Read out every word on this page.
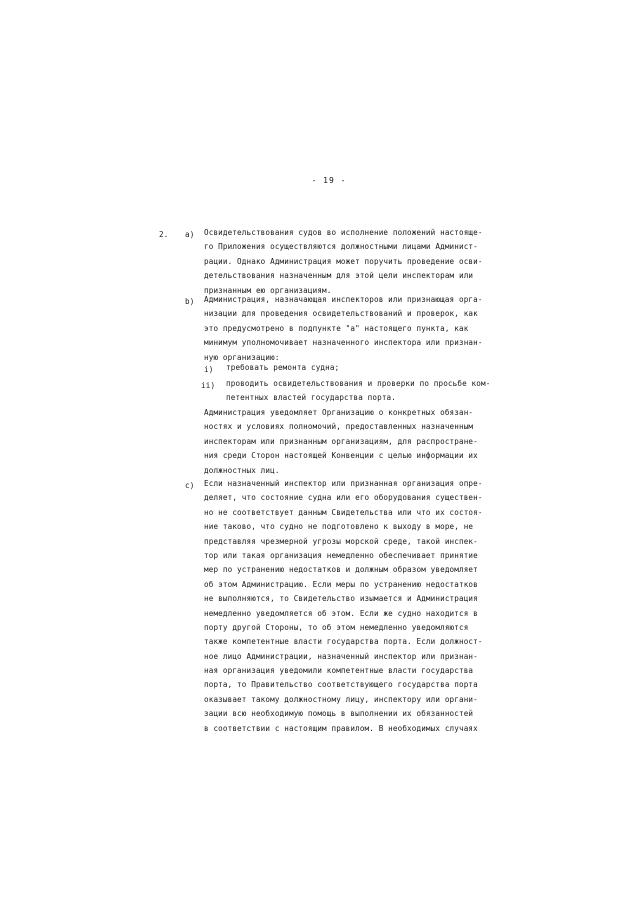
- 19 -
2. a) Освидетельствования судов во исполнение положений настояще-
го Приложения осуществляются должностными лицами Админист-
рации. Однако Администрация может поручить проведение осви-
детельствования назначенным для этой цели инспекторам или
признанным ею организациям.
b) Администрация, назначающая инспекторов или признающая орга-
низации для проведения освидетельствований и проверок, как
это предусмотрено в подпункте "а" настоящего пункта, как
минимум уполномочивает назначенного инспектора или признан-
ную организацию:
i) требовать ремонта судна;
ii) проводить освидетельствования и проверки по просьбе ком-
петентных властей государства порта.
Администрация уведомляет Организацию о конкретных обязан-
ностях и условиях полномочий, предоставленных назначенным
инспекторам или признанным организациям, для распростране-
ния среди Сторон настоящей Конвенции с целью информации их
должностных лиц.
c) Если назначенный инспектор или признанная организация опре-
деляет, что состояние судна или его оборудования существен-
но не соответствует данным Свидетельства или что их состоя-
ние таково, что судно не подготовлено к выходу в море, не
представляя чрезмерной угрозы морской среде, такой инспек-
тор или такая организация немедленно обеспечивает принятие
мер по устранению недостатков и должным образом уведомляет
об этом Администрацию. Если меры по устранению недостатков
не выполняются, то Свидетельство изымается и Администрация
немедленно уведомляется об этом. Если же судно находится в
порту другой Стороны, то об этом немедленно уведомляются
также компетентные власти государства порта. Если должност-
ное лицо Администрации, назначенный инспектор или признан-
ная организация уведомили компетентные власти государства
порта, то Правительство соответствующего государства порта
оказывает такому должностному лицу, инспектору или органи-
зации всю необходимую помощь в выполнении их обязанностей
в соответствии с настоящим правилом. В необходимых случаях
